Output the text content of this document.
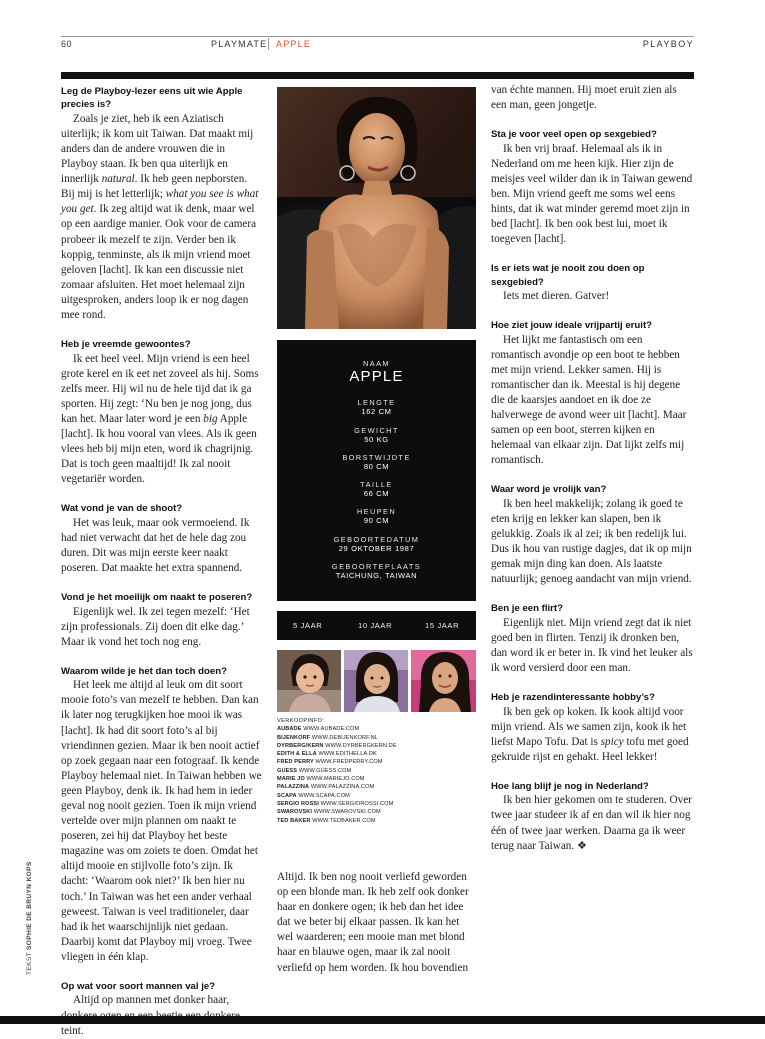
60	PLAYMATE APPLE	PLAYBOY
TEKST SOPHIE DE BRUYN KOPS

Leg de Playboy-lezer eens uit wie Apple precies is?

Zoals je ziet, heb ik een Aziatisch uiterlijk; ik kom uit Taiwan. Dat maakt mij anders dan de andere vrouwen die in Playboy staan. Ik ben qua uiterlijk en innerlijk natural. Ik heb geen nepborsten. Bij mij is het letterlijk; what you see is what you get. Ik zeg altijd wat ik denk, maar wel op een aardige manier. Ook voor de camera probeer ik mezelf te zijn. Verder ben ik koppig, tenminste, als ik mijn vriend moet geloven [lacht]. Ik kan een discussie niet zomaar afsluiten. Het moet helemaal zijn uitgesproken, anders loop ik er nog dagen mee rond.

Heb je vreemde gewoontes?

Ik eet heel veel. Mijn vriend is een heel grote kerel en ik eet net zoveel als hij. Soms zelfs meer. Hij wil nu de hele tijd dat ik ga sporten. Hij zegt: ‘Nu ben je nog jong, dus kan het. Maar later word je een big Apple [lacht]. Ik hou vooral van vlees. Als ik geen vlees heb bij mijn eten, word ik chagrijnig. Dat is toch geen maaltijd! Ik zal nooit vegetariër worden.

Wat vond je van de shoot?

Het was leuk, maar ook vermoeiend. Ik had niet verwacht dat het de hele dag zou duren. Dit was mijn eerste keer naakt poseren. Dat maakte het extra spannend.

Vond je het moeilijk om naakt te poseren?

Eigenlijk wel. Ik zei tegen mezelf: ‘Het zijn professionals. Zij doen dit elke dag.’ Maar ik vond het toch nog eng.

Waarom wilde je het dan toch doen?

Het leek me altijd al leuk om dit soort mooie foto’s van mezelf te hebben. Dan kan ik later nog terugkijken hoe mooi ik was [lacht]. Ik had dit soort foto’s al bij vriendinnen gezien. Maar ik ben nooit actief op zoek gegaan naar een fotograaf. Ik kende Playboy helemaal niet. In Taiwan hebben we geen Playboy, denk ik. Ik had hem in ieder geval nog nooit gezien. Toen ik mijn vriend vertelde over mijn plannen om naakt te poseren, zei hij dat Playboy het beste magazine was om zoiets te doen. Omdat het altijd mooie en stijlvolle foto’s zijn. Ik dacht: ‘Waarom ook niet?’ Ik ben hier nu toch.’ In Taiwan was het een ander verhaal geweest. Taiwan is veel traditioneler, daar had ik het waarschijnlijk niet gedaan. Daarbij komt dat Playboy mij vroeg. Twee vliegen in één klap.

Op wat voor soort mannen val je?

Altijd op mannen met donker haar, teint.

NAAM
APPLE
LENGTE
162 CM
GEWICHT
50 KG
BORSTWIJDTE
80 CM
TAILLE
66 CM
HEUPEN
90 CM
GEBOORTEDATUM
29 OKTOBER 1987
GEBOORTEPLAATS
TAICHUNG, TAIWAN
5 JAAR	10 JAAR	15 JAAR
VERKOOPINFO:
AUBADE WWW.AUBADE.COM
BIJENKORF WWW.DEBIJENKORF.NL
DYRBERG/KERN WWW.DYRBERGKERN.DE
EDITH & ELLA WWW.EDITHELLA.DK
FRED PERRY WWW.FREDPERRY.COM
GUESS WWW.GUESS.COM
MARIE JO WWW.MARIEJO.COM
PALAZZINA WWW.PALAZZINA.COM
SCAPA WWW.SCAPA.COM
SERGIO ROSSI WWW.SERGIOROSSI.COM
SWAROVSKI WWW.SWAROVSKI.COM
TED BAKER WWW.TEDBAKER.COM

Altijd. Ik ben nog nooit verliefd geworden op een blonde man. Ik heb zelf ook donker haar en donkere ogen; ik heb dan het idee dat we beter bij elkaar passen. Ik kan het wel waarderen; een mooie man met blond haar en blauwe ogen, maar ik zal nooit verliefd op hem worden. Ik hou bovendien

van échte mannen. Hij moet eruit zien als een man, geen jongetje.

Sta je voor veel open op sexgebied?

Ik ben vrij braaf. Helemaal als ik in Nederland om me heen kijk. Hier zijn de meisjes veel wilder dan ik in Taiwan gewend ben. Mijn vriend geeft me soms wel eens hints, dat ik wat minder geremd moet zijn in bed [lacht]. Ik ben ook best lui, moet ik toegeven [lacht].

Is er iets wat je nooit zou doen op sexgebied?

Iets met dieren. Gatver!

Hoe ziet jouw ideale vrijpartij eruit?

Het lijkt me fantastisch om een romantisch avondje op een boot te hebben met mijn vriend. Lekker samen. Hij is romantischer dan ik. Meestal is hij degene die de kaarsjes aandoet en ik doe ze halverwege de avond weer uit [lacht]. Maar samen op een boot, sterren kijken en helemaal van elkaar zijn. Dat lijkt zelfs mij romantisch.

Waar word je vrolijk van?

Ik ben heel makkelijk; zolang ik goed te eten krijg en lekker kan slapen, ben ik gelukkig. Zoals ik al zei; ik ben redelijk lui. Dus ik hou van rustige dagjes, dat ik op mijn gemak mijn ding kan doen. Als laatste natuurlijk; genoeg aandacht van mijn vriend.

Ben je een flirt?

Eigenlijk niet. Mijn vriend zegt dat ik niet goed ben in flirten. Tenzij ik dronken ben, dan word ik er beter in. Ik vind het leuker als ik word versierd door een man.

Heb je razendinteressante hobby’s?

Ik ben gek op koken. Ik kook altijd voor mijn vriend. Als we samen zijn, kook ik het liefst Mapo Tofu. Dat is spicy tofu met goed gekruide rijst en gehakt. Heel lekker!

Hoe lang blijf je nog in Nederland?

Ik ben hier gekomen om te studeren. Over twee jaar studeer ik af en dan wil ik hier nog één of twee jaar werken. Daarna ga ik weer terug naar Taiwan. ❖
